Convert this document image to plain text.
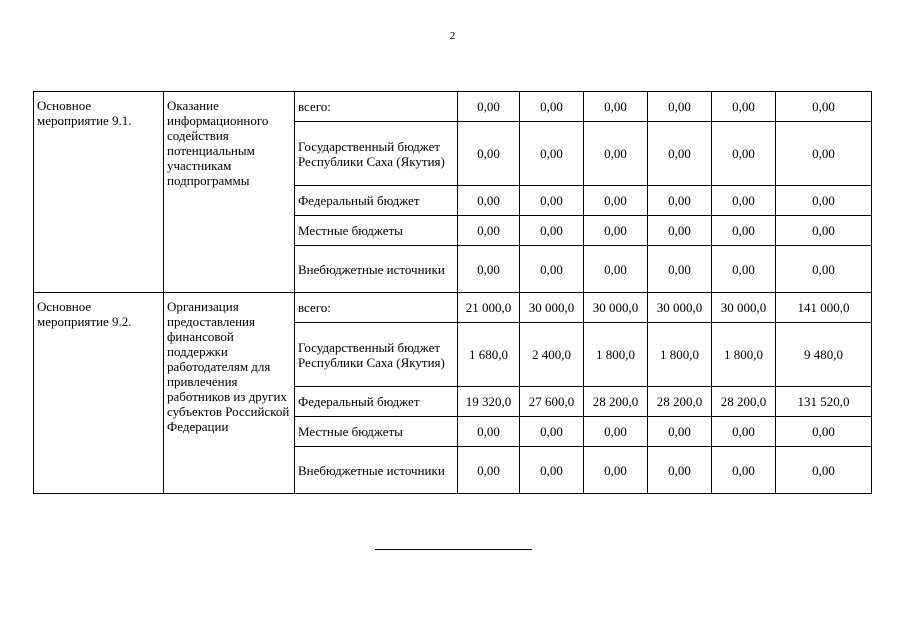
2
Основное мероприятие 9.1.	Оказание информационного содействия потенциальным участникам подпрограммы	всего:	0,00	0,00	0,00	0,00	0,00	0,00
		Государственный бюджет Республики Саха (Якутия)	0,00	0,00	0,00	0,00	0,00	0,00
		Федеральный бюджет	0,00	0,00	0,00	0,00	0,00	0,00
		Местные бюджеты	0,00	0,00	0,00	0,00	0,00	0,00
		Внебюджетные источники	0,00	0,00	0,00	0,00	0,00	0,00
Основное мероприятие 9.2.	Организация предоставления финансовой поддержки работодателям для привлечения работников из других субъектов Российской Федерации	всего:	21 000,0	30 000,0	30 000,0	30 000,0	30 000,0	141 000,0
		Государственный бюджет Республики Саха (Якутия)	1 680,0	2 400,0	1 800,0	1 800,0	1 800,0	9 480,0
		Федеральный бюджет	19 320,0	27 600,0	28 200,0	28 200,0	28 200,0	131 520,0
		Местные бюджеты	0,00	0,00	0,00	0,00	0,00	0,00
		Внебюджетные источники	0,00	0,00	0,00	0,00	0,00	0,00
